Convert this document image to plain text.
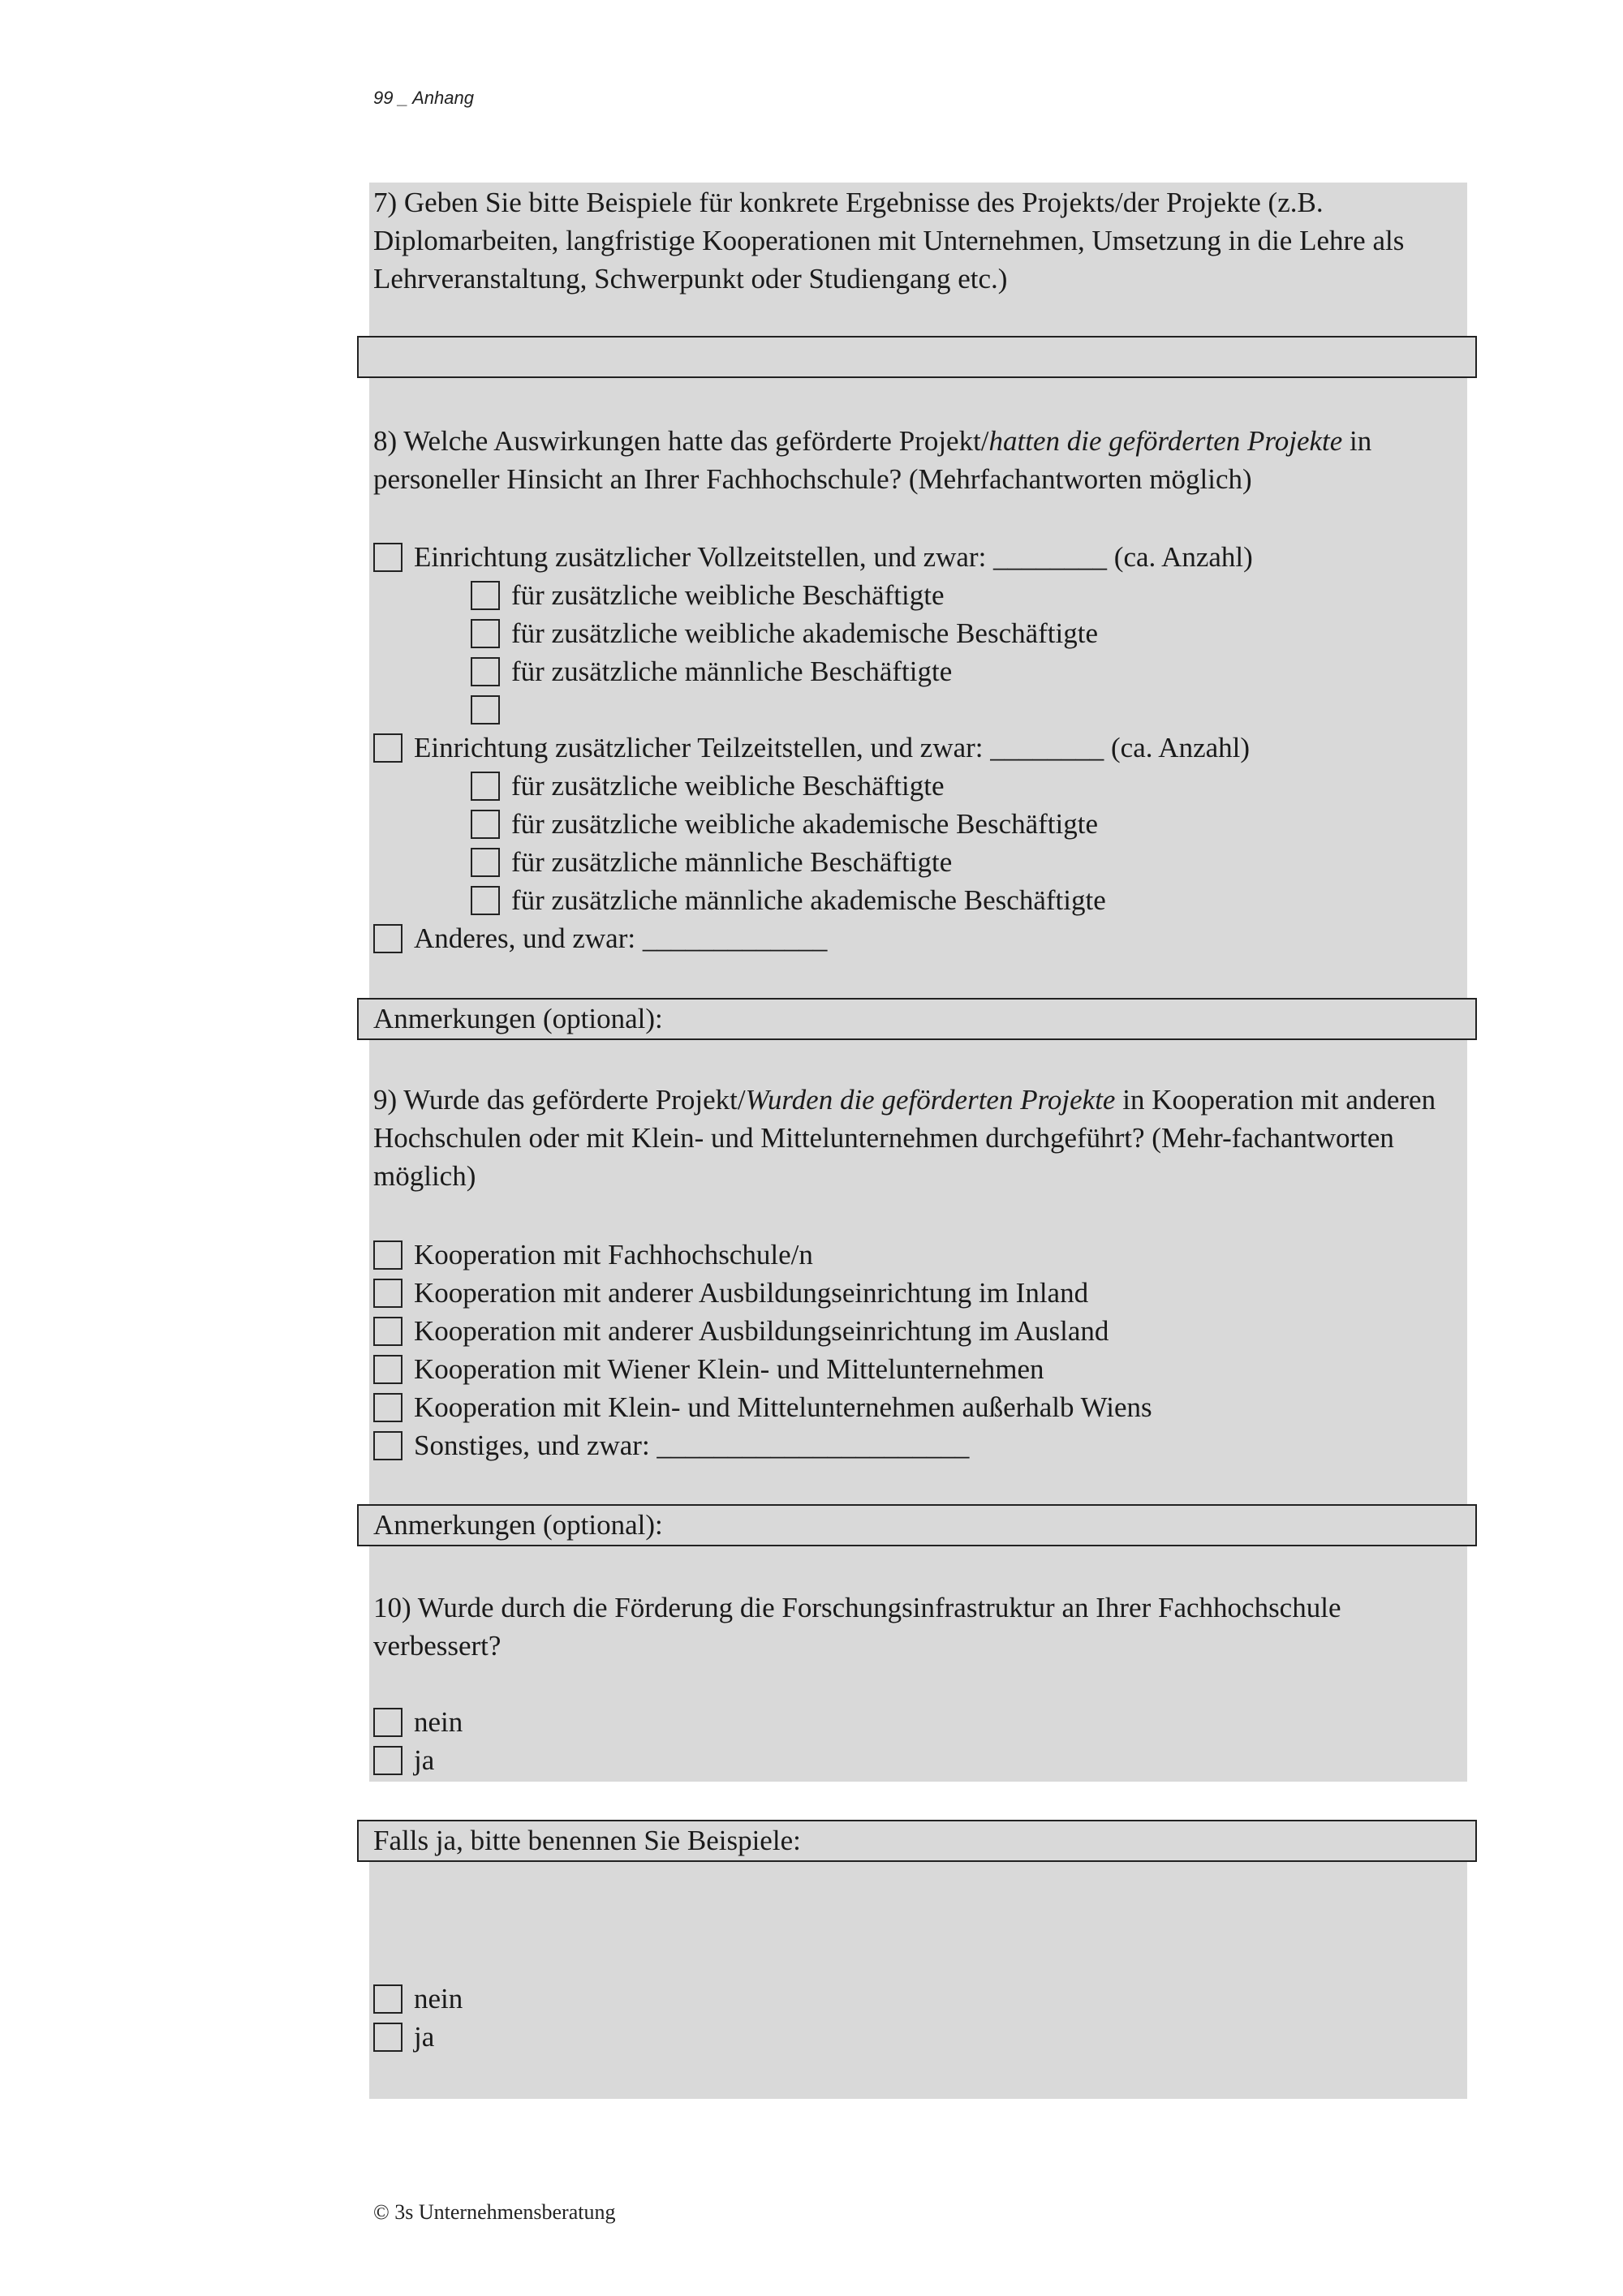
99 _ Anhang
Anmerkungen (optional):
Anmerkungen (optional):
Falls ja, bitte benennen Sie Beispiele:
7) Geben Sie bitte Beispiele für konkrete Ergebnisse des Projekts/der Projekte (z.B. Diplomarbeiten, langfristige Kooperationen mit Unternehmen, Umsetzung in die Lehre als Lehrveranstaltung, Schwerpunkt oder Studiengang etc.)
8) Welche Auswirkungen hatte das geförderte Projekt/hatten die geförderten Projekte in personeller Hinsicht an Ihrer Fachhochschule? (Mehrfachantworten möglich)
Einrichtung zusätzlicher Vollzeitstellen, und zwar: ________ (ca. Anzahl)
für zusätzliche weibliche Beschäftigte
für zusätzliche weibliche akademische Beschäftigte
für zusätzliche männliche Beschäftigte
Einrichtung zusätzlicher Teilzeitstellen, und zwar: ________ (ca. Anzahl)
für zusätzliche weibliche Beschäftigte
für zusätzliche weibliche akademische Beschäftigte
für zusätzliche männliche Beschäftigte
für zusätzliche männliche akademische Beschäftigte
Anderes, und zwar: _____________
9) Wurde das geförderte Projekt/Wurden die geförderten Projekte in Kooperation mit anderen Hochschulen oder mit Klein- und Mittelunternehmen durchgeführt? (Mehr-fachantworten möglich)
Kooperation mit Fachhochschule/n
Kooperation mit anderer Ausbildungseinrichtung im Inland
Kooperation mit anderer Ausbildungseinrichtung im Ausland
Kooperation mit Wiener Klein- und Mittelunternehmen
Kooperation mit Klein- und Mittelunternehmen außerhalb Wiens
Sonstiges, und zwar: ______________________
10) Wurde durch die Förderung die Forschungsinfrastruktur an Ihrer Fachhochschule verbessert?
nein
ja
nein
ja
© 3s Unternehmensberatung
